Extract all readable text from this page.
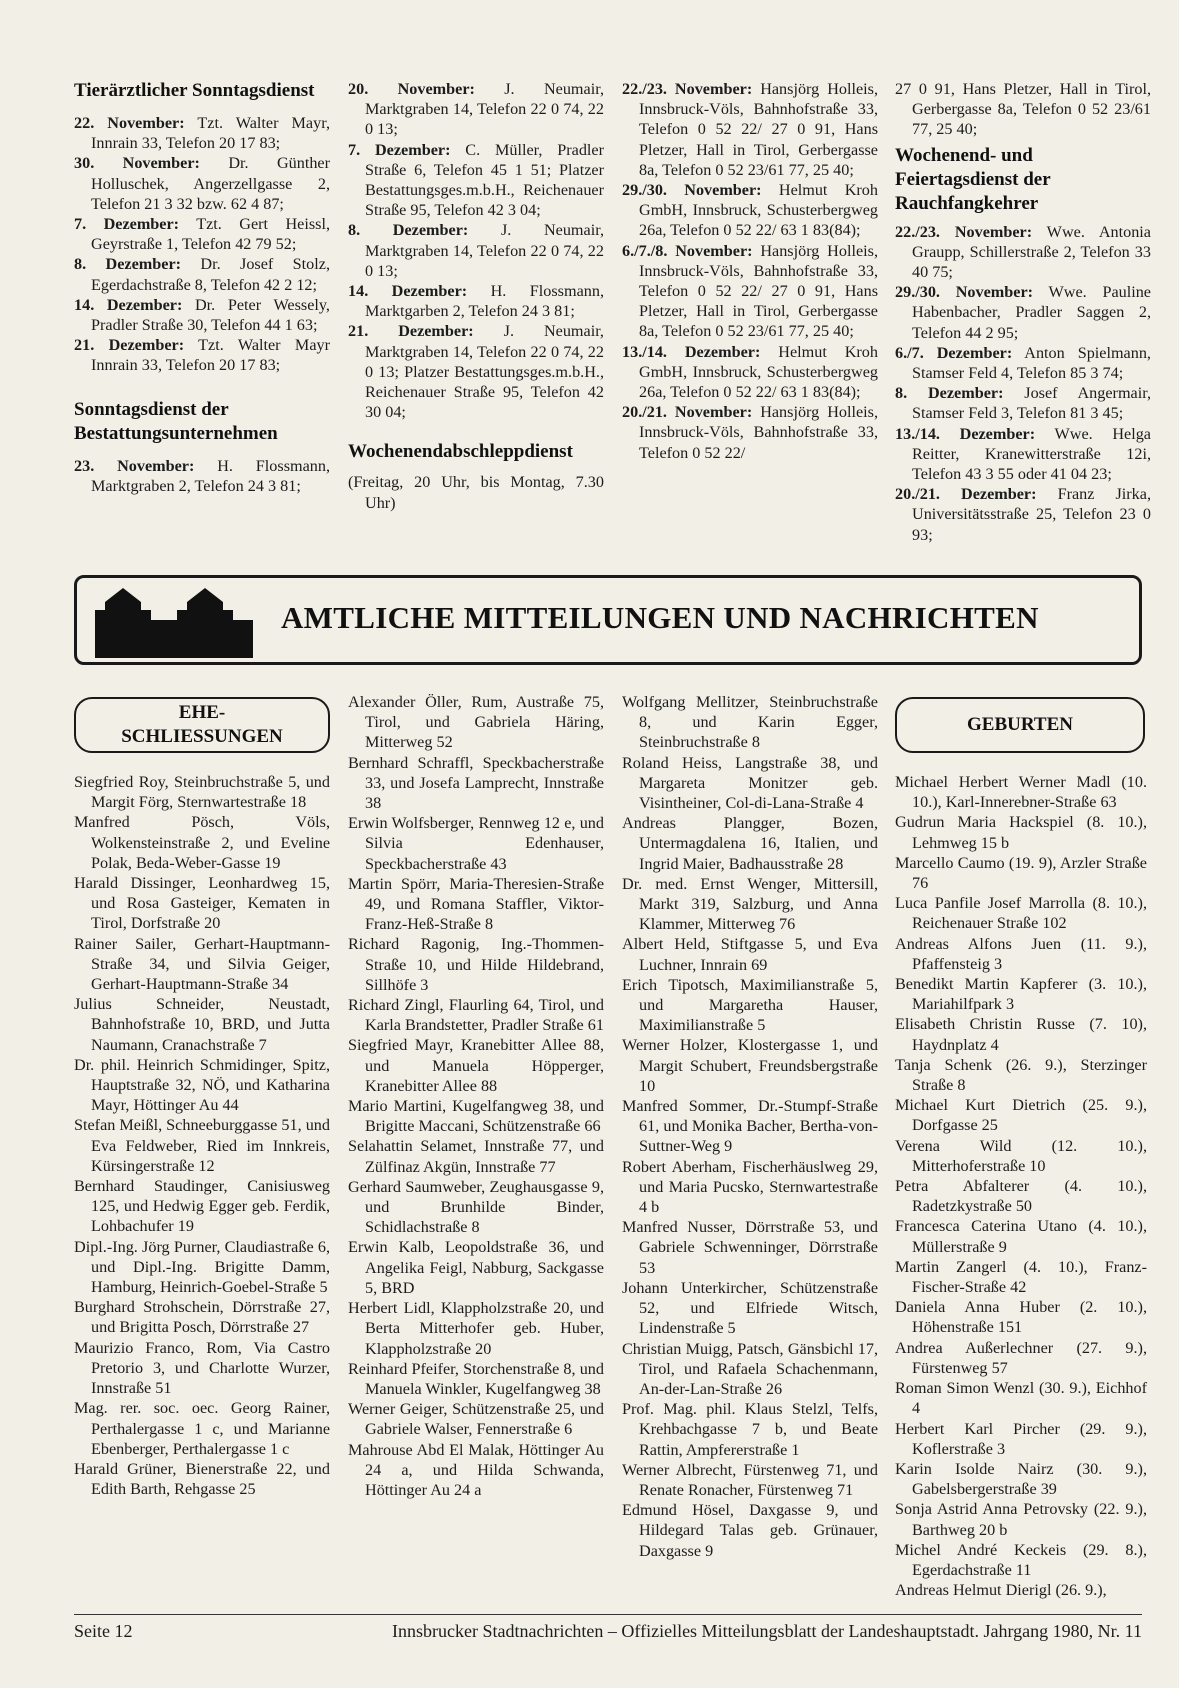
Tierärztlicher Sonntagsdienst

22. November: Tzt. Walter Mayr, Innrain 33, Telefon 20 17 83;

30. November: Dr. Günther Holluschek, Angerzellgasse 2, Telefon 21 3 32 bzw. 62 4 87;

7. Dezember: Tzt. Gert Heissl, Geyrstraße 1, Telefon 42 79 52;

8. Dezember: Dr. Josef Stolz, Egerdachstraße 8, Telefon 42 2 12;

14. Dezember: Dr. Peter Wessely, Pradler Straße 30, Telefon 44 1 63;

21. Dezember: Tzt. Walter Mayr Innrain 33, Telefon 20 17 83;

Sonntagsdienst der Bestattungsunternehmen

23. November: H. Flossmann, Marktgraben 2, Telefon 24 3 81;

20. November: J. Neumair, Marktgraben 14, Telefon 22 0 74, 22 0 13;

7. Dezember: C. Müller, Pradler Straße 6, Telefon 45 1 51; Platzer Bestattungsges.m.b.H., Reichenauer Straße 95, Telefon 42 3 04;

8. Dezember: J. Neumair, Marktgraben 14, Telefon 22 0 74, 22 0 13;

14. Dezember: H. Flossmann, Marktgarben 2, Telefon 24 3 81;

21. Dezember: J. Neumair, Marktgraben 14, Telefon 22 0 74, 22 0 13; Platzer Bestattungsges.m.b.H., Reichenauer Straße 95, Telefon 42 30 04;

Wochenendabschleppdienst

(Freitag, 20 Uhr, bis Montag, 7.30 Uhr)

22./23. November: Hansjörg Holleis, Innsbruck-Völs, Bahnhofstraße 33, Telefon 0 52 22/ 27 0 91, Hans Pletzer, Hall in Tirol, Gerbergasse 8a, Telefon 0 52 23/61 77, 25 40;

29./30. November: Helmut Kroh GmbH, Innsbruck, Schusterbergweg 26a, Telefon 0 52 22/ 63 1 83(84);

6./7./8. November: Hansjörg Holleis, Innsbruck-Völs, Bahnhofstraße 33, Telefon 0 52 22/ 27 0 91, Hans Pletzer, Hall in Tirol, Gerbergasse 8a, Telefon 0 52 23/61 77, 25 40;

13./14. Dezember: Helmut Kroh GmbH, Innsbruck, Schusterbergweg 26a, Telefon 0 52 22/ 63 1 83(84);

20./21. November: Hansjörg Holleis, Innsbruck-Völs, Bahnhofstraße 33, Telefon 0 52 22/

27 0 91, Hans Pletzer, Hall in Tirol, Gerbergasse 8a, Telefon 0 52 23/61 77, 25 40;

Wochenend- und Feiertagsdienst der Rauchfangkehrer

22./23. November: Wwe. Antonia Graupp, Schillerstraße 2, Telefon 33 40 75;

29./30. November: Wwe. Pauline Habenbacher, Pradler Saggen 2, Telefon 44 2 95;

6./7. Dezember: Anton Spielmann, Stamser Feld 4, Telefon 85 3 74;

8. Dezember: Josef Angermair, Stamser Feld 3, Telefon 81 3 45;

13./14. Dezember: Wwe. Helga Reitter, Kranewitterstraße 12i, Telefon 43 3 55 oder 41 04 23;

20./21. Dezember: Franz Jirka, Universitätsstraße 25, Telefon 23 0 93;

AMTLICHE MITTEILUNGEN UND NACHRICHTEN
EHE-
SCHLIESSUNGEN

Siegfried Roy, Steinbruchstraße 5, und Margit Förg, Sternwartestraße 18

Manfred Pösch, Völs, Wolkensteinstraße 2, und Eveline Polak, Beda-Weber-Gasse 19

Harald Dissinger, Leonhardweg 15, und Rosa Gasteiger, Kematen in Tirol, Dorfstraße 20

Rainer Sailer, Gerhart-Hauptmann-Straße 34, und Silvia Geiger, Gerhart-Hauptmann-Straße 34

Julius Schneider, Neustadt, Bahnhofstraße 10, BRD, und Jutta Naumann, Cranachstraße 7

Dr. phil. Heinrich Schmidinger, Spitz, Hauptstraße 32, NÖ, und Katharina Mayr, Höttinger Au 44

Stefan Meißl, Schneeburggasse 51, und Eva Feldweber, Ried im Innkreis, Kürsingerstraße 12

Bernhard Staudinger, Canisiusweg 125, und Hedwig Egger geb. Ferdik, Lohbachufer 19

Dipl.-Ing. Jörg Purner, Claudiastraße 6, und Dipl.-Ing. Brigitte Damm, Hamburg, Heinrich-Goebel-Straße 5

Burghard Strohschein, Dörrstraße 27, und Brigitta Posch, Dörrstraße 27

Maurizio Franco, Rom, Via Castro Pretorio 3, und Charlotte Wurzer, Innstraße 51

Mag. rer. soc. oec. Georg Rainer, Perthalergasse 1 c, und Marianne Ebenberger, Perthalergasse 1 c

Harald Grüner, Bienerstraße 22, und Edith Barth, Rehgasse 25

Alexander Öller, Rum, Austraße 75, Tirol, und Gabriela Häring, Mitterweg 52

Bernhard Schraffl, Speckbacherstraße 33, und Josefa Lamprecht, Innstraße 38

Erwin Wolfsberger, Rennweg 12 e, und Silvia Edenhauser, Speckbacherstraße 43

Martin Spörr, Maria-Theresien-Straße 49, und Romana Staffler, Viktor-Franz-Heß-Straße 8

Richard Ragonig, Ing.-Thommen-Straße 10, und Hilde Hildebrand, Sillhöfe 3

Richard Zingl, Flaurling 64, Tirol, und Karla Brandstetter, Pradler Straße 61

Siegfried Mayr, Kranebitter Allee 88, und Manuela Höpperger, Kranebitter Allee 88

Mario Martini, Kugelfangweg 38, und Brigitte Maccani, Schützenstraße 66

Selahattin Selamet, Innstraße 77, und Zülfinaz Akgün, Innstraße 77

Gerhard Saumweber, Zeughausgasse 9, und Brunhilde Binder, Schidlachstraße 8

Erwin Kalb, Leopoldstraße 36, und Angelika Feigl, Nabburg, Sackgasse 5, BRD

Herbert Lidl, Klappholzstraße 20, und Berta Mitterhofer geb. Huber, Klappholzstraße 20

Reinhard Pfeifer, Storchenstraße 8, und Manuela Winkler, Kugelfangweg 38

Werner Geiger, Schützenstraße 25, und Gabriele Walser, Fennerstraße 6

Mahrouse Abd El Malak, Höttinger Au 24 a, und Hilda Schwanda, Höttinger Au 24 a

Wolfgang Mellitzer, Steinbruchstraße 8, und Karin Egger, Steinbruchstraße 8

Roland Heiss, Langstraße 38, und Margareta Monitzer geb. Visintheiner, Col-di-Lana-Straße 4

Andreas Plangger, Bozen, Untermagdalena 16, Italien, und Ingrid Maier, Badhausstraße 28

Dr. med. Ernst Wenger, Mittersill, Markt 319, Salzburg, und Anna Klammer, Mitterweg 76

Albert Held, Stiftgasse 5, und Eva Luchner, Innrain 69

Erich Tipotsch, Maximilianstraße 5, und Margaretha Hauser, Maximilianstraße 5

Werner Holzer, Klostergasse 1, und Margit Schubert, Freundsbergstraße 10

Manfred Sommer, Dr.-Stumpf-Straße 61, und Monika Bacher, Bertha-von-Suttner-Weg 9

Robert Aberham, Fischerhäuslweg 29, und Maria Pucsko, Sternwartestraße 4 b

Manfred Nusser, Dörrstraße 53, und Gabriele Schwenninger, Dörrstraße 53

Johann Unterkircher, Schützenstraße 52, und Elfriede Witsch, Lindenstraße 5

Christian Muigg, Patsch, Gänsbichl 17, Tirol, und Rafaela Schachenmann, An-der-Lan-Straße 26

Prof. Mag. phil. Klaus Stelzl, Telfs, Krehbachgasse 7 b, und Beate Rattin, Ampfererstraße 1

Werner Albrecht, Fürstenweg 71, und Renate Ronacher, Fürstenweg 71

Edmund Hösel, Daxgasse 9, und Hildegard Talas geb. Grünauer, Daxgasse 9

GEBURTEN

Michael Herbert Werner Madl (10. 10.), Karl-Innerebner-Straße 63

Gudrun Maria Hackspiel (8. 10.), Lehmweg 15 b

Marcello Caumo (19. 9), Arzler Straße 76

Luca Panfile Josef Marrolla (8. 10.), Reichenauer Straße 102

Andreas Alfons Juen (11. 9.), Pfaffensteig 3

Benedikt Martin Kapferer (3. 10.), Mariahilfpark 3

Elisabeth Christin Russe (7. 10), Haydnplatz 4

Tanja Schenk (26. 9.), Sterzinger Straße 8

Michael Kurt Dietrich (25. 9.), Dorfgasse 25

Verena Wild (12. 10.), Mitterhoferstraße 10

Petra Abfalterer (4. 10.), Radetzkystraße 50

Francesca Caterina Utano (4. 10.), Müllerstraße 9

Martin Zangerl (4. 10.), Franz-Fischer-Straße 42

Daniela Anna Huber (2. 10.), Höhenstraße 151

Andrea Außerlechner (27. 9.), Fürstenweg 57

Roman Simon Wenzl (30. 9.), Eichhof 4

Herbert Karl Pircher (29. 9.), Koflerstraße 3

Karin Isolde Nairz (30. 9.), Gabelsbergerstraße 39

Sonja Astrid Anna Petrovsky (22. 9.), Barthweg 20 b

Michel André Keckeis (29. 8.), Egerdachstraße 11

Andreas Helmut Dierigl (26. 9.),

Seite 12	Innsbrucker Stadtnachrichten – Offizielles Mitteilungsblatt der Landeshauptstadt. Jahrgang 1980, Nr. 11
